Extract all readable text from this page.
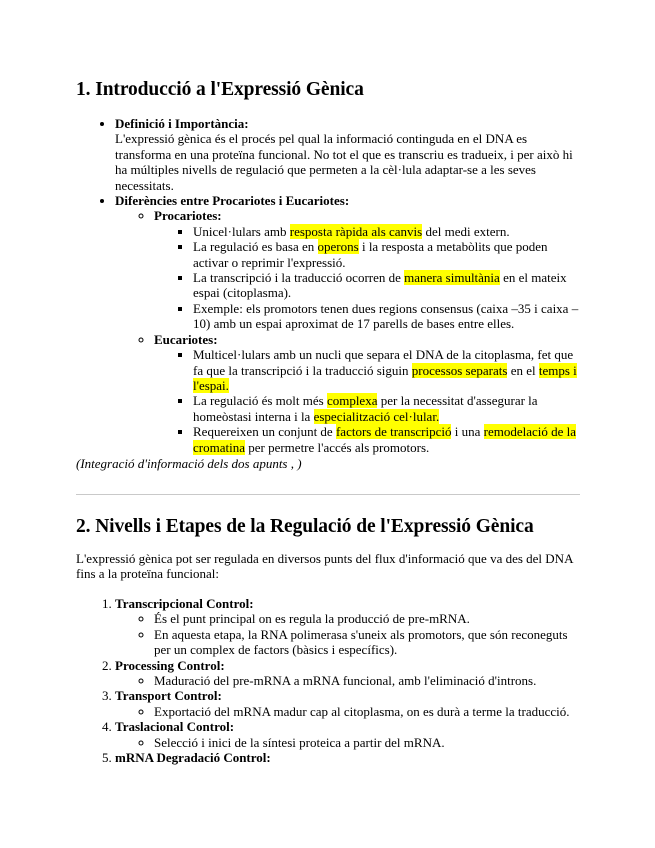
1. Introducció a l'Expressió Gènica
• Definició i Importància:
L'expressió gènica és el procés pel qual la informació continguda en el DNA es transforma en una proteïna funcional. No tot el que es transcriu es tradueix, i per això hi ha múltiples nivells de regulació que permeten a la cèl·lula adaptar-se a les seves necessitats.
• Diferències entre Procariotes i Eucariotes:
◦ Procariotes:
▪ Unicel·lulars amb resposta ràpida als canvis del medi extern.
▪ La regulació es basa en operons i la resposta a metabòlits que poden activar o reprimir l'expressió.
▪ La transcripció i la traducció ocorren de manera simultània en el mateix espai (citoplasma).
▪ Exemple: els promotors tenen dues regions consensus (caixa –35 i caixa –10) amb un espai aproximat de 17 parells de bases entre elles.
◦ Eucariotes:
▪ Multicel·lulars amb un nucli que separa el DNA de la citoplasma, fet que fa que la transcripció i la traducció siguin processos separats en el temps i l'espai.
▪ La regulació és molt més complexa per la necessitat d'assegurar la homeòstasi interna i la especialització cel·lular.
▪ Requereixen un conjunt de factors de transcripció i una remodelació de la cromatina per permetre l'accés als promotors.

(Integració d'informació dels dos apunts , )

2. Nivells i Etapes de la Regulació de l'Expressió Gènica

L'expressió gènica pot ser regulada en diversos punts del flux d'informació que va des del DNA fins a la proteïna funcional:

1. Transcripcional Control:
◦ És el punt principal on es regula la producció de pre-mRNA.
◦ En aquesta etapa, la RNA polimerasa s'uneix als promotors, que són reconeguts per un complex de factors (bàsics i específics).
2. Processing Control:
◦ Maduració del pre-mRNA a mRNA funcional, amb l'eliminació d'introns.
3. Transport Control:
◦ Exportació del mRNA madur cap al citoplasma, on es durà a terme la traducció.
4. Traslacional Control:
◦ Selecció i inici de la síntesi proteica a partir del mRNA.
5. mRNA Degradació Control:
